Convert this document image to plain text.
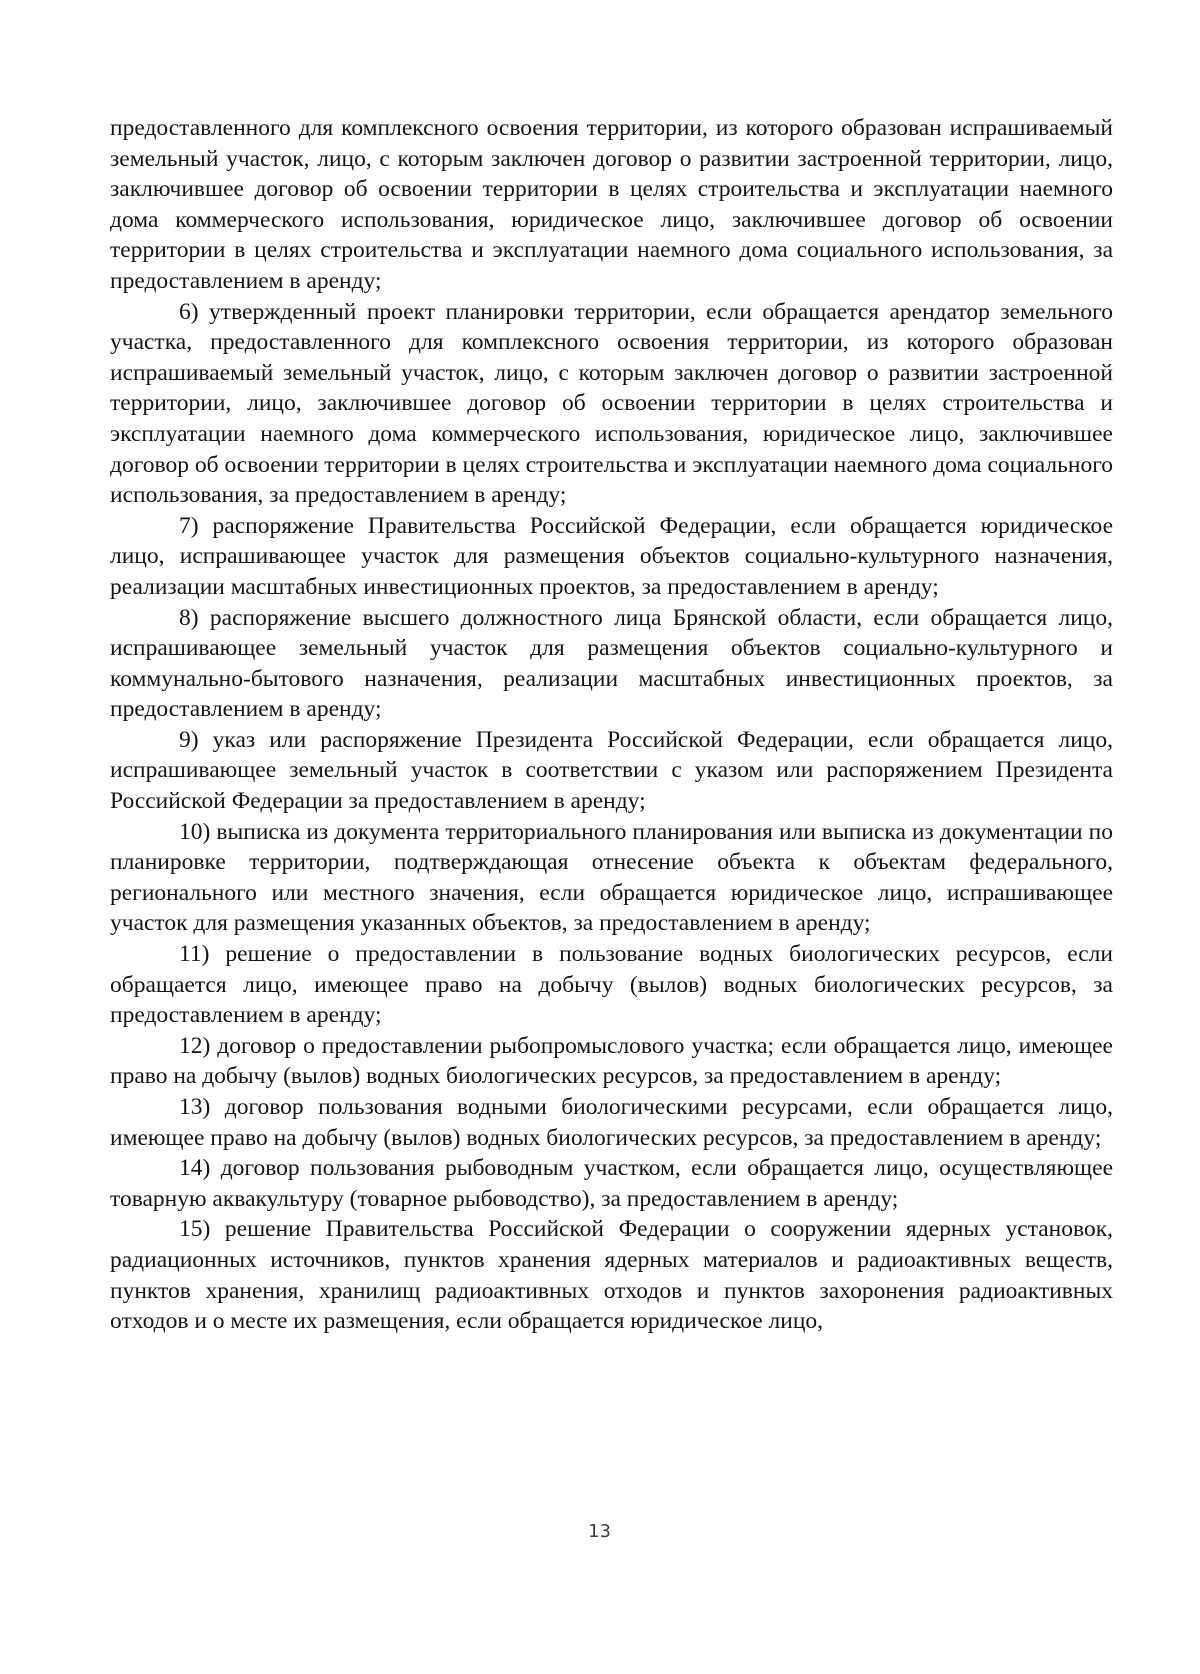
предоставленного для комплексного освоения территории, из которого образован испрашиваемый земельный участок, лицо, с которым заключен договор о развитии застроенной территории, лицо, заключившее договор об освоении территории в целях строительства и эксплуатации наемного дома коммерческого использования, юридическое лицо, заключившее договор об освоении территории в целях строительства и эксплуатации наемного дома социального использования, за предоставлением в аренду;

6) утвержденный проект планировки территории, если обращается арендатор земельного участка, предоставленного для комплексного освоения территории, из которого образован испрашиваемый земельный участок, лицо, с которым заключен договор о развитии застроенной территории, лицо, заключившее договор об освоении территории в целях строительства и эксплуатации наемного дома коммерческого использования, юридическое лицо, заключившее договор об освоении территории в целях строительства и эксплуатации наемного дома социального использования, за предоставлением в аренду;

7) распоряжение Правительства Российской Федерации, если обращается юридическое лицо, испрашивающее участок для размещения объектов социально-культурного назначения, реализации масштабных инвестиционных проектов, за предоставлением в аренду;

8) распоряжение высшего должностного лица Брянской области, если обращается лицо, испрашивающее земельный участок для размещения объектов социально-культурного и коммунально-бытового назначения, реализации масштабных инвестиционных проектов, за предоставлением в аренду;

9) указ или распоряжение Президента Российской Федерации, если обращается лицо, испрашивающее земельный участок в соответствии с указом или распоряжением Президента Российской Федерации за предоставлением в аренду;

10) выписка из документа территориального планирования или выписка из документации по планировке территории, подтверждающая отнесение объекта к объектам федерального, регионального или местного значения, если обращается юридическое лицо, испрашивающее участок для размещения указанных объектов, за предоставлением в аренду;

11) решение о предоставлении в пользование водных биологических ресурсов, если обращается лицо, имеющее право на добычу (вылов) водных биологических ресурсов, за предоставлением в аренду;

12) договор о предоставлении рыбопромыслового участка; если обращается лицо, имеющее право на добычу (вылов) водных биологических ресурсов, за предоставлением в аренду;

13) договор пользования водными биологическими ресурсами, если обращается лицо, имеющее право на добычу (вылов) водных биологических ресурсов, за предоставлением в аренду;

14) договор пользования рыбоводным участком, если обращается лицо, осуществляющее товарную аквакультуру (товарное рыбоводство), за предоставлением в аренду;

15) решение Правительства Российской Федерации о сооружении ядерных установок, радиационных источников, пунктов хранения ядерных материалов и радиоактивных веществ, пунктов хранения, хранилищ радиоактивных отходов и пунктов захоронения радиоактивных отходов и о месте их размещения, если обращается юридическое лицо,

13
